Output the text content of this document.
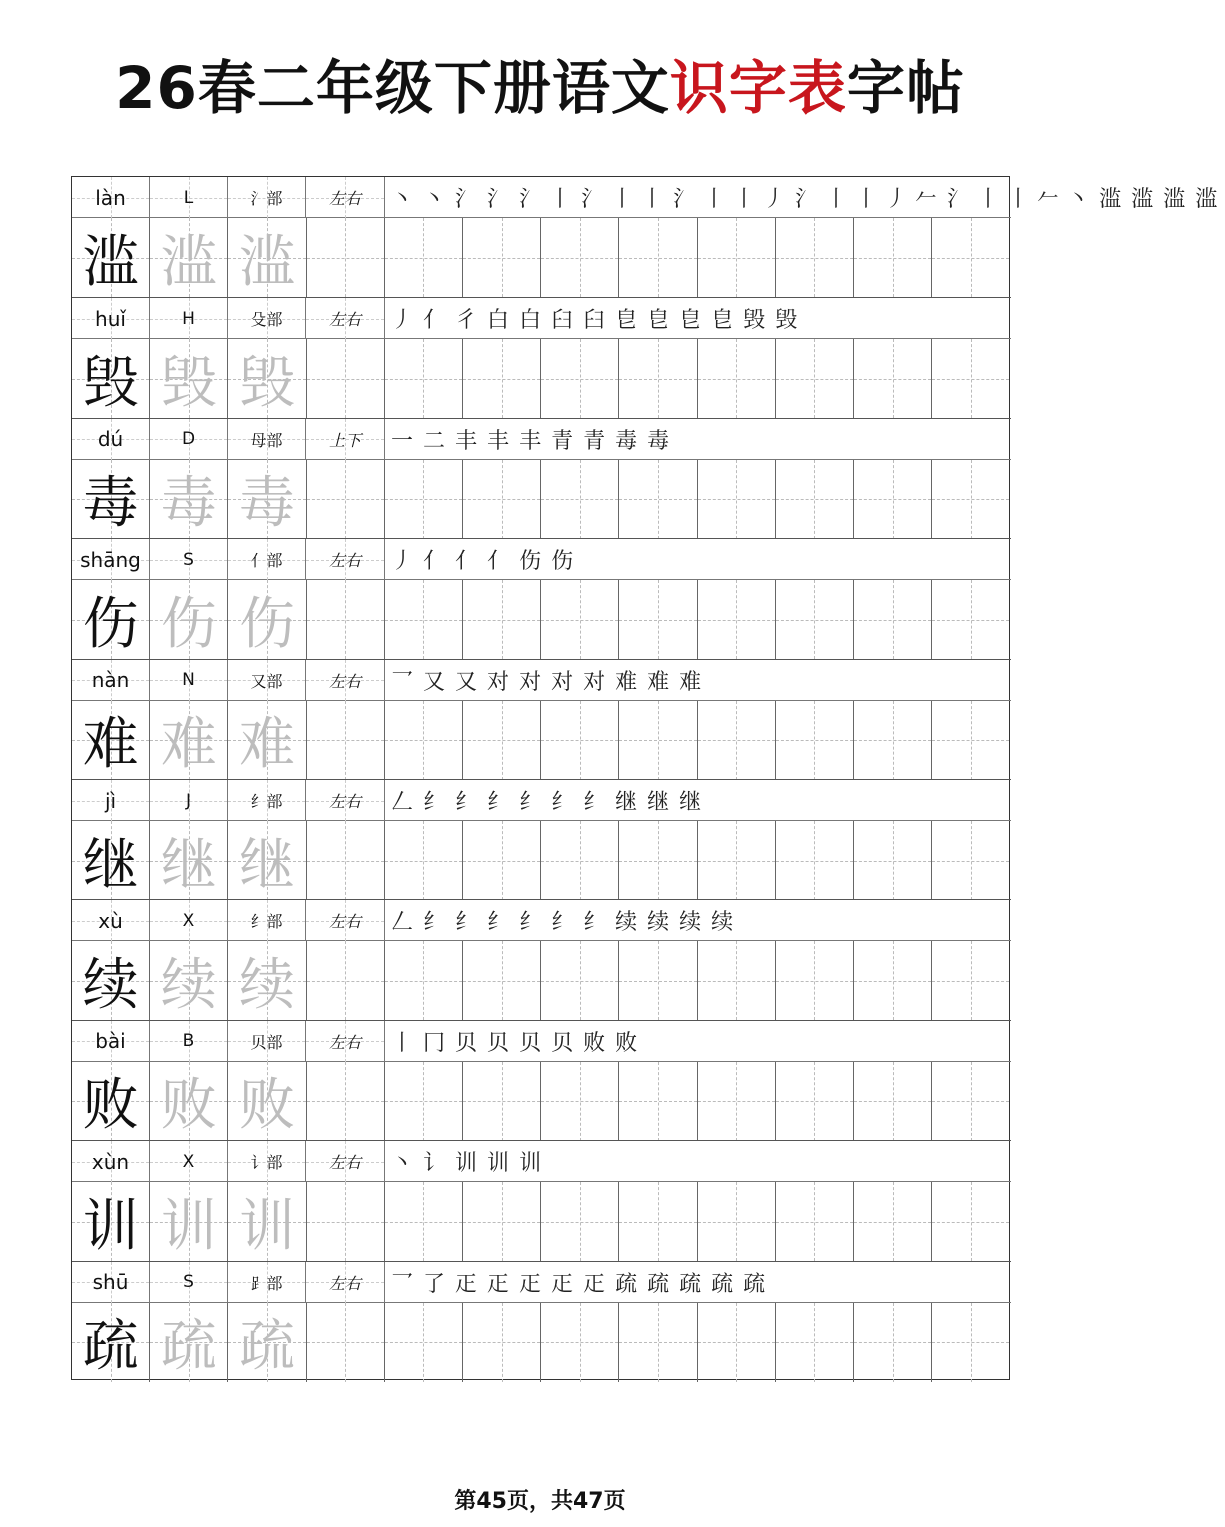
26春二年级下册语文识字表字帖
làn	L	氵部	左右 丶 丶 氵 氵 氵丨 氵丨丨 氵丨丨丿 氵丨丨丿𠂉 氵丨丨𠂉丶 滥 滥 滥 滥
滥 滥 滥
huǐ	H	殳部	左右 丿 亻 彳 白 白 臼 臼 皀 皀 皀 皀 毁 毁
毁 毁 毁
dú	D	母部	上下 一 二 丰 丰 丰 青 青 毒 毒
毒 毒 毒
shāng S	亻部	左右 丿 亻 亻 亻 伤 伤
伤 伤 伤
nàn	N	又部	左右 乛 又 又 对 对 对 对 难 难 难
难 难 难
jì	J	纟部	左右 𠃋 纟 纟 纟 纟 纟 纟 继 继 继
继 继 继
xù	X	纟部	左右 𠃋 纟 纟 纟 纟 纟 纟 续 续 续 续
续 续 续
bài	B	贝部	左右 丨 冂 贝 贝 贝 贝 败 败
败 败 败
xùn	X	讠部	左右 丶 讠 训 训 训
训 训 训
shū	S	⻊部	左右 乛 了 𤴓 𤴓 𤴓 𤴓 𤴓 疏 疏 疏 疏 疏
疏 疏 疏
第45页，共47页
